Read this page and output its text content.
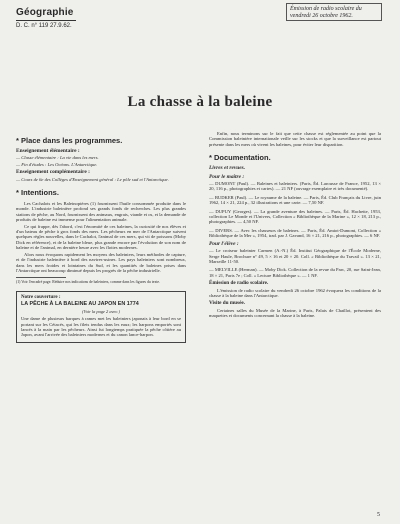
Géographie
D. C. n° 119 27.9.62.
Émission de radio scolaire du vendredi 26 octobre 1962.
La chasse à la baleine
* Place dans les programmes.
Enseignement élémentaire :

— Classe élémentaire : La vie dans les mers.

— Fin d'études : Les Océans. L'Antarctique.

Enseignement complémentaire :

— Cours de 6e des Collèges d'Enseignement général : Le pôle sud et l'Antarctique.

* Intentions.

Les Cachalots et les Baleinoptères (1) fournissent l'huile consommée produite dans le monde. L'industrie baleinière profond ses grands fonds de recherches. Les plus grandes stations de pêche, au Nord, fournissent des animaux, engrais, viande et os, et la demande de produits de baleine est immense pour l'alimentation animale.

Ce qui frappe, dès l'abord, c'est l'énormité de ces baleines, la curiosité de nos élèves et d'un bateau de pêche à gros fonds des mers. Les pêcheurs en mer de l'Antarctique suivent quelques règles nouvelles, dans le Cachalot, l'animal de ces mers, qui vit de poissons (Moby Dick en référence), et de la baleine bleue, plus grande encore par l'évolution de son nom de baleine et de l'animal, en dernière heure avec les flottes modernes.

Alors nous évoquons rapidement les moyens des baleiniers, leurs méthodes de capture, et de l'industrie baleinière à bord des navires-usines. Les pays baleiniers sont nombreux, dans les mers froides et lointaines du Sud, et les quantités de baleines prises dans l'Antarctique ont beaucoup diminué depuis les progrès de la pêche industrielle.

(1) Voir l'encadré page. Réduire nos indications de baleiniers, comme dans les figures du texte.

Notre couverture :
LA PÊCHE À LA BALEINE AU JAPON EN 1774
(Voir la page 2 avec.)

Une dame de plusieurs barques à rames met les baleiniers japonais à leur bord en se portant sur les Cétacés, qui les filets tendus dans les eaux; les harpons emportés sont lancés à la main par les pêcheurs. Ainsi fut longtemps pratiquée la pêche côtière au Japon, avant l'arrivée des baleiniers modernes et du canon lance-harpon.

Enfin, nous terminons sur le fait que cette chasse est réglementée au point que la Commission baleinière internationale veille sur les stocks et que la surveillance est partout présente dans les mers où vivent les baleines, pour éviter leur disparition.

* Documentation.
Livres et revues.
Pour le maître :

— DUMONT (Paul). — Baleines et baleiniers. (Paris, Éd. Larousse de France, 1952, 13 × 20, 116 p., photographies et cartes). — 21 NF (ouvrage exemplaire et très documenté).

— BUDKER (Paul). — Le royaume de la baleine. — Paris, Éd. Club Français du Livre, juin 1962, 14 × 21, 224 p., 32 illustrations et une carte. — 7,50 NF.

— DUPUY (Georges). — La grande aventure des baleines. — Paris, Éd. Hachette, 1953, collection Le Monde et l'Univers, Collection « Bibliothèque de la Marine », 12 × 18, 213 p., photographies. — 4,50 NF.

— DIVERS. — Avec les chasseurs de baleines. — Paris, Éd. Amiot-Dumont, Collection « Bibliothèque de la Mer », 1954, trad. par J. Gavand, 16 × 21, 216 p., photographies. — 6 NF.

Pour l'élève :

— Le croiseur baleinier Carmen (A.-N.) Éd. Institut Géographique de l'École Moderne, Serge Haule, Brochure n° 49, 5 × 16 et 20 × 20. Coll. « Bibliothèque du Travail ». 13 × 21, Marseille 11-50.

— MELVILLE (Herman). — Moby Dick. Collection de la revue du Parc, 20, rue Saint-Jean, 18 × 21, Paris 7e ; Coll. « Lecture Bibliothèque ». — 1 NF.

Émission de radio scolaire.

L'émission de radio scolaire du vendredi 26 octobre 1962 évoquera les conditions de la chasse à la baleine dans l'Antarctique.

Visite du musée.

Certaines salles du Musée de la Marine, à Paris, Palais de Chaillot, présentent des maquettes et documents concernant la chasse à la baleine.

5
